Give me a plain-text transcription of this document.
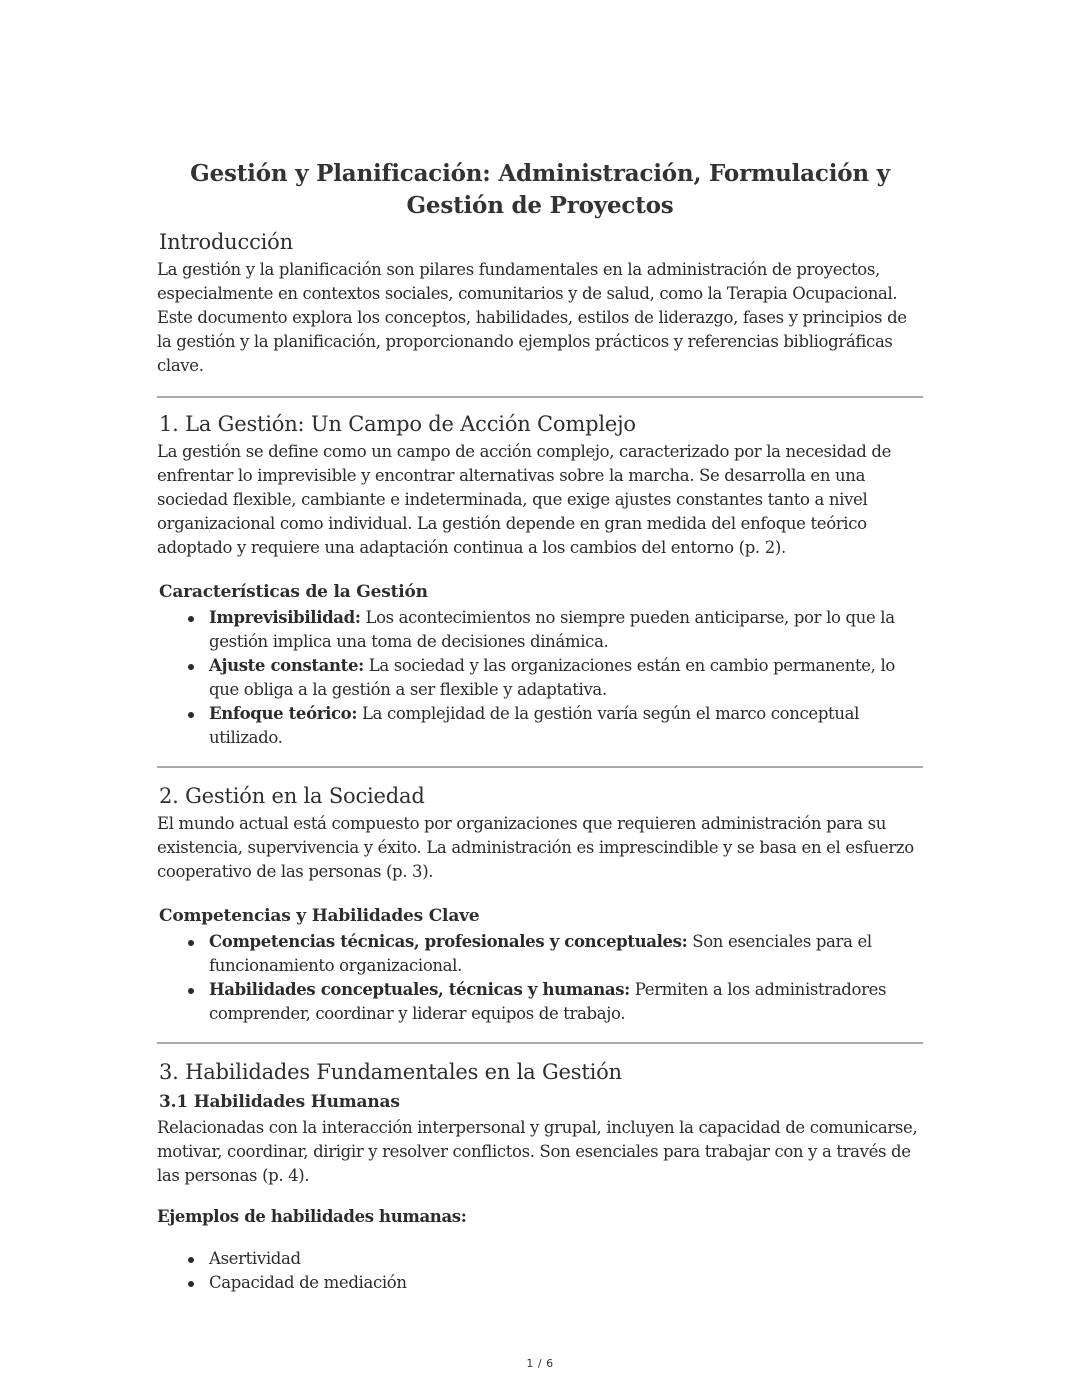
Gestión y Planificación: Administración, Formulación y Gestión de Proyectos
Introducción

La gestión y la planificación son pilares fundamentales en la administración de proyectos, especialmente en contextos sociales, comunitarios y de salud, como la Terapia Ocupacional. Este documento explora los conceptos, habilidades, estilos de liderazgo, fases y principios de la gestión y la planificación, proporcionando ejemplos prácticos y referencias bibliográficas clave.

1. La Gestión: Un Campo de Acción Complejo

La gestión se define como un campo de acción complejo, caracterizado por la necesidad de enfrentar lo imprevisible y encontrar alternativas sobre la marcha. Se desarrolla en una sociedad flexible, cambiante e indeterminada, que exige ajustes constantes tanto a nivel organizacional como individual. La gestión depende en gran medida del enfoque teórico adoptado y requiere una adaptación continua a los cambios del entorno (p. 2).

Características de la Gestión
Imprevisibilidad: Los acontecimientos no siempre pueden anticiparse, por lo que la gestión implica una toma de decisiones dinámica.
Ajuste constante: La sociedad y las organizaciones están en cambio permanente, lo que obliga a la gestión a ser flexible y adaptativa.
Enfoque teórico: La complejidad de la gestión varía según el marco conceptual utilizado.
2. Gestión en la Sociedad

El mundo actual está compuesto por organizaciones que requieren administración para su existencia, supervivencia y éxito. La administración es imprescindible y se basa en el esfuerzo cooperativo de las personas (p. 3).

Competencias y Habilidades Clave
Competencias técnicas, profesionales y conceptuales: Son esenciales para el funcionamiento organizacional.
Habilidades conceptuales, técnicas y humanas: Permiten a los administradores comprender, coordinar y liderar equipos de trabajo.
3. Habilidades Fundamentales en la Gestión
3.1 Habilidades Humanas

Relacionadas con la interacción interpersonal y grupal, incluyen la capacidad de comunicarse, motivar, coordinar, dirigir y resolver conflictos. Son esenciales para trabajar con y a través de las personas (p. 4).

Ejemplos de habilidades humanas:

Asertividad
Capacidad de mediación
1 / 6
